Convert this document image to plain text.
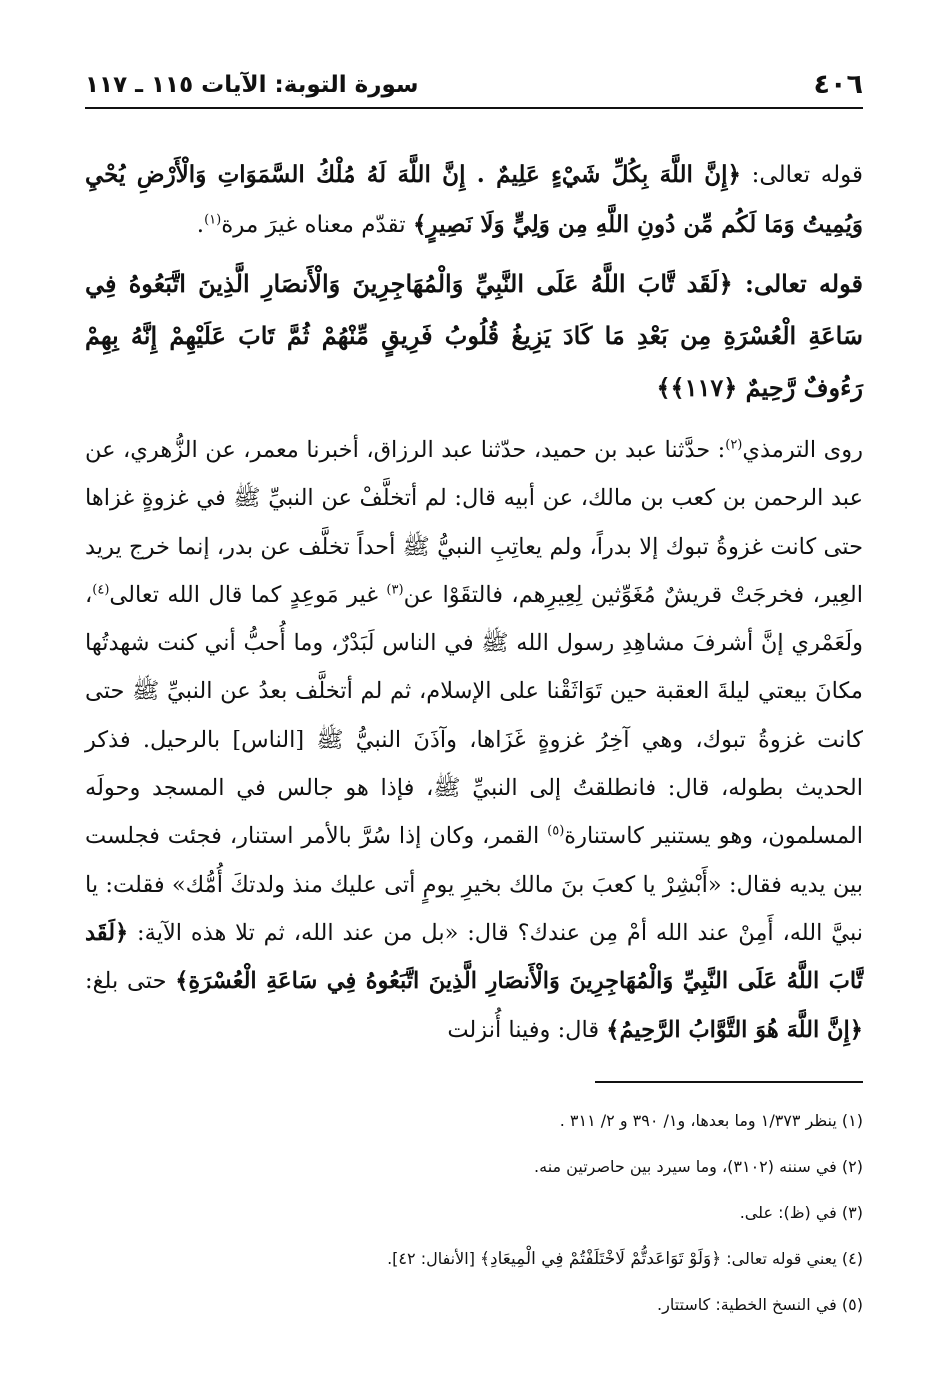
٤٠٦
سورة التوبة: الآيات ١١٥ ـ ١١٧

قوله تعالى: ﴿إِنَّ اللَّهَ بِكُلِّ شَيْءٍ عَلِيمٌ . إِنَّ اللَّهَ لَهُ مُلْكُ السَّمَوَاتِ وَالْأَرْضِ يُحْيِ وَيُمِيتُ وَمَا لَكُم مِّن دُونِ اللَّهِ مِن وَلِيٍّ وَلَا نَصِيرٍ﴾ تقدّم معناه غيرَ مرة$^{(١)}$.

قوله تعالى: ﴿لَقَد تَّابَ اللَّهُ عَلَى النَّبِيِّ وَالْمُهَاجِرِينَ وَالْأَنصَارِ الَّذِينَ اتَّبَعُوهُ فِي سَاعَةِ الْعُسْرَةِ مِن بَعْدِ مَا كَادَ يَزِيغُ قُلُوبُ فَرِيقٍ مِّنْهُمْ ثُمَّ تَابَ عَلَيْهِمْ إِنَّهُ بِهِمْ رَءُوفٌ رَّحِيمٌ ﴿١١٧﴾﴾

روى الترمذي$^{(٢)}$: حدَّثنا عبد بن حميد، حدّثنا عبد الرزاق، أخبرنا معمر، عن الزُّهري، عن عبد الرحمن بن كعب بن مالك، عن أبيه قال: لم أتخلَّفْ عن النبيِّ ﷺ في غزوةٍ غزاها حتى كانت غزوةُ تبوك إلا بدراً، ولم يعاتِبِ النبيُّ ﷺ أحداً تخلَّف عن بدر، إنما خرج يريد العِير، فخرجَتْ قريشٌ مُغَوِّثين لِعِيرِهم، فالتقَوْا عن$^{(٣)}$ غير مَوعِدٍ كما قال الله تعالى$^{(٤)}$، ولَعَمْري إنَّ أشرفَ مشاهِدِ رسول الله ﷺ في الناس لَبَدْرٌ، وما أُحبُّ أني كنت شهدتُها مكانَ بيعتي ليلةَ العقبة حين تَوَاثَقْنا على الإسلام، ثم لم أتخلَّف بعدُ عن النبيِّ ﷺ حتى كانت غزوةُ تبوك، وهي آخِرُ غزوةٍ غَزَاها، وآذَنَ النبيُّ ﷺ [الناس] بالرحيل. فذكر الحديث بطوله، قال: فانطلقتُ إلى النبيِّ ﷺ، فإذا هو جالس في المسجد وحولَه المسلمون، وهو يستنير كاستنارة$^{(٥)}$ القمر، وكان إذا سُرَّ بالأمر استنار، فجئت فجلست بين يديه فقال: «أَبْشِرْ يا كعبَ بنَ مالك بخيرِ يومٍ أتى عليك منذ ولدتكَ أُمُّك» فقلت: يا نبيَّ الله، أَمِنْ عند الله أمْ مِن عندك؟ قال: «بل من عند الله، ثم تلا هذه الآية: ﴿لَقَد تَّابَ اللَّهُ عَلَى النَّبِيِّ وَالْمُهَاجِرِينَ وَالْأَنصَارِ الَّذِينَ اتَّبَعُوهُ فِي سَاعَةِ الْعُسْرَةِ﴾ حتى بلغ: ﴿إِنَّ اللَّهَ هُوَ التَّوَّابُ الرَّحِيمُ﴾ قال: وفينا أُنزلت

(١) ينظر ١/٣٧٣ وما بعدها، و١/ ٣٩٠ و ٢/ ٣١١ .
(٢) في سننه (٣١٠٢)، وما سيرد بين حاصرتين منه.
(٣) في (ظ): على.
(٤) يعني قوله تعالى: ﴿وَلَوْ تَوَاعَدتُّمْ لَاخْتَلَفْتُمْ فِي الْمِيعَادِ﴾ [الأنفال: ٤٢].
(٥) في النسخ الخطية: كاستتار.
